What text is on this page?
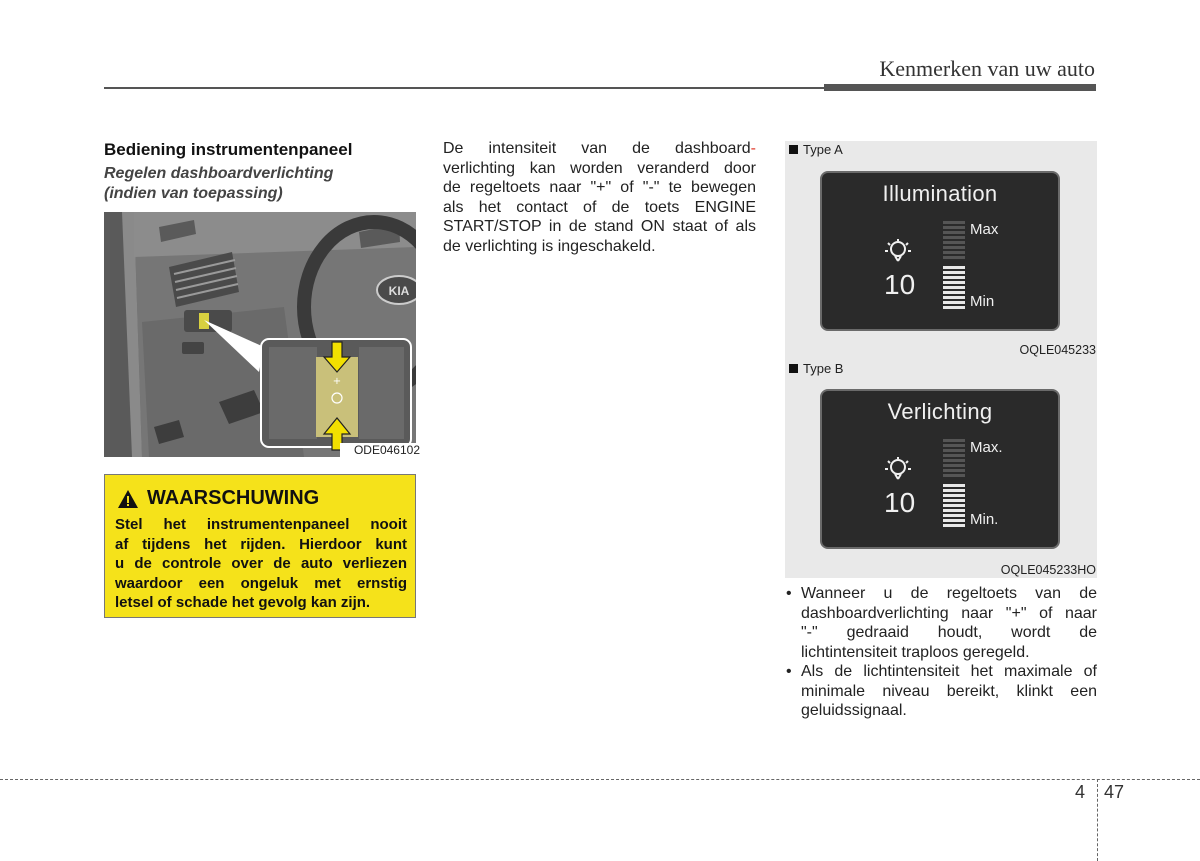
Kenmerken van uw auto
Bediening instrumentenpaneel
Regelen dashboardverlichting
(indien van toepassing)
KIA
+
ODE046102
WAARSCHUWING
Stel het instrumentenpaneel nooit
af tijdens het rijden. Hierdoor kunt
u de controle over de auto verliezen
waardoor een ongeluk met ernstig
letsel of schade het gevolg kan zijn.
De intensiteit van de dashboard-
verlichting kan worden veranderd door
de regeltoets naar "+" of "-" te bewegen
als het contact of de toets ENGINE
START/STOP in de stand ON staat of als
de verlichting is ingeschakeld.
Type A
Illumination
10
Max
Min
OQLE045233
Type B
Verlichting
10
Max.
Min.
OQLE045233HO
• Wanneer u de regeltoets van de
dashboardverlichting naar "+" of naar
"-" gedraaid houdt, wordt de
lichtintensiteit traploos geregeld.
• Als de lichtintensiteit het maximale of
minimale niveau bereikt, klinkt een
geluidssignaal.
4 47
